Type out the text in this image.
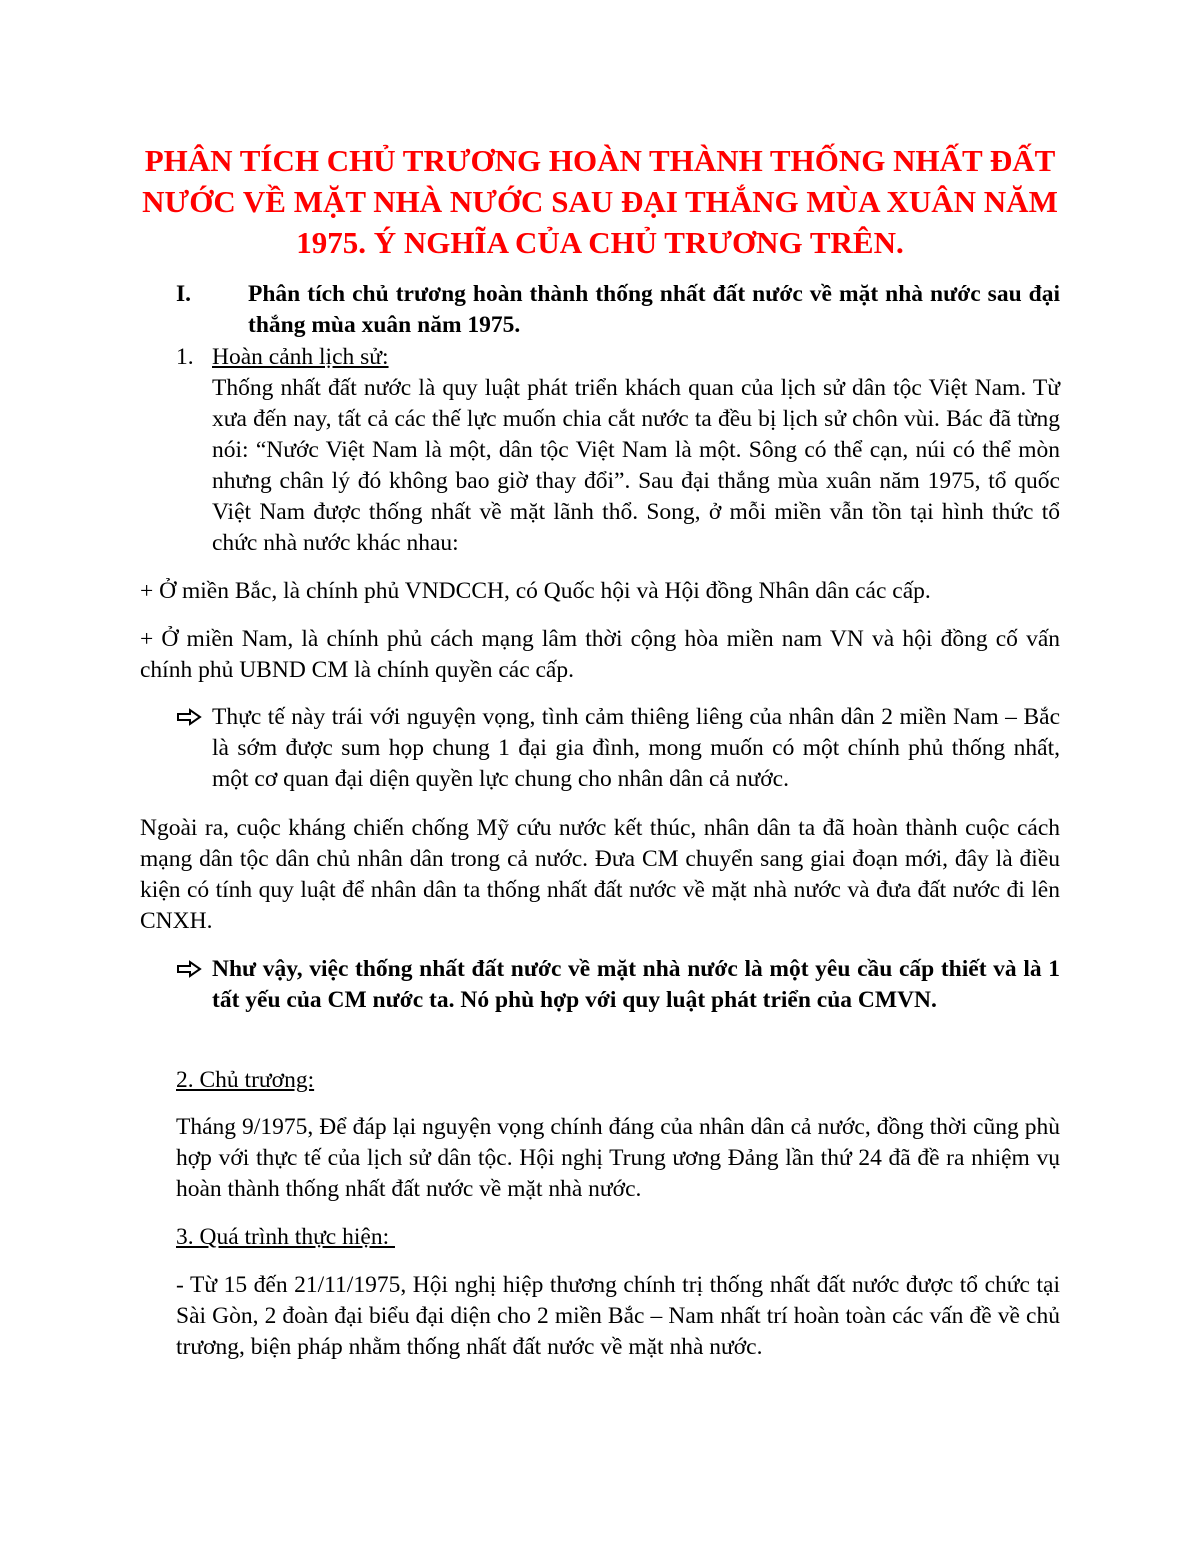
PHÂN TÍCH CHỦ TRƯƠNG HOÀN THÀNH THỐNG NHẤT ĐẤT NƯỚC VỀ MẶT NHÀ NƯỚC SAU ĐẠI THẮNG MÙA XUÂN NĂM 1975. Ý NGHĨA CỦA CHỦ TRƯƠNG TRÊN.
I. Phân tích chủ trương hoàn thành thống nhất đất nước về mặt nhà nước sau đại thắng mùa xuân năm 1975.
1. Hoàn cảnh lịch sử:
Thống nhất đất nước là quy luật phát triển khách quan của lịch sử dân tộc Việt Nam. Từ xưa đến nay, tất cả các thế lực muốn chia cắt nước ta đều bị lịch sử chôn vùi. Bác đã từng nói: “Nước Việt Nam là một, dân tộc Việt Nam là một. Sông có thể cạn, núi có thể mòn nhưng chân lý đó không bao giờ thay đổi”. Sau đại thắng mùa xuân năm 1975, tổ quốc Việt Nam được thống nhất về mặt lãnh thổ. Song, ở mỗi miền vẫn tồn tại hình thức tổ chức nhà nước khác nhau:
+ Ở miền Bắc, là chính phủ VNDCCH, có Quốc hội và Hội đồng Nhân dân các cấp.
+ Ở miền Nam, là chính phủ cách mạng lâm thời cộng hòa miền nam VN và hội đồng cố vấn chính phủ UBND CM là chính quyền các cấp.
Thực tế này trái với nguyện vọng, tình cảm thiêng liêng của nhân dân 2 miền Nam – Bắc là sớm được sum họp chung 1 đại gia đình, mong muốn có một chính phủ thống nhất, một cơ quan đại diện quyền lực chung cho nhân dân cả nước.
Ngoài ra, cuộc kháng chiến chống Mỹ cứu nước kết thúc, nhân dân ta đã hoàn thành cuộc cách mạng dân tộc dân chủ nhân dân trong cả nước. Đưa CM chuyển sang giai đoạn mới, đây là điều kiện có tính quy luật để nhân dân ta thống nhất đất nước về mặt nhà nước và đưa đất nước đi lên CNXH.
Như vậy, việc thống nhất đất nước về mặt nhà nước là một yêu cầu cấp thiết và là 1 tất yếu của CM nước ta. Nó phù hợp với quy luật phát triển của CMVN.
2. Chủ trương:
Tháng 9/1975, Để đáp lại nguyện vọng chính đáng của nhân dân cả nước, đồng thời cũng phù hợp với thực tế của lịch sử dân tộc. Hội nghị Trung ương Đảng lần thứ 24 đã đề ra nhiệm vụ hoàn thành thống nhất đất nước về mặt nhà nước.
3. Quá trình thực hiện:
- Từ 15 đến 21/11/1975, Hội nghị hiệp thương chính trị thống nhất đất nước được tổ chức tại Sài Gòn, 2 đoàn đại biểu đại diện cho 2 miền Bắc – Nam nhất trí hoàn toàn các vấn đề về chủ trương, biện pháp nhằm thống nhất đất nước về mặt nhà nước.
